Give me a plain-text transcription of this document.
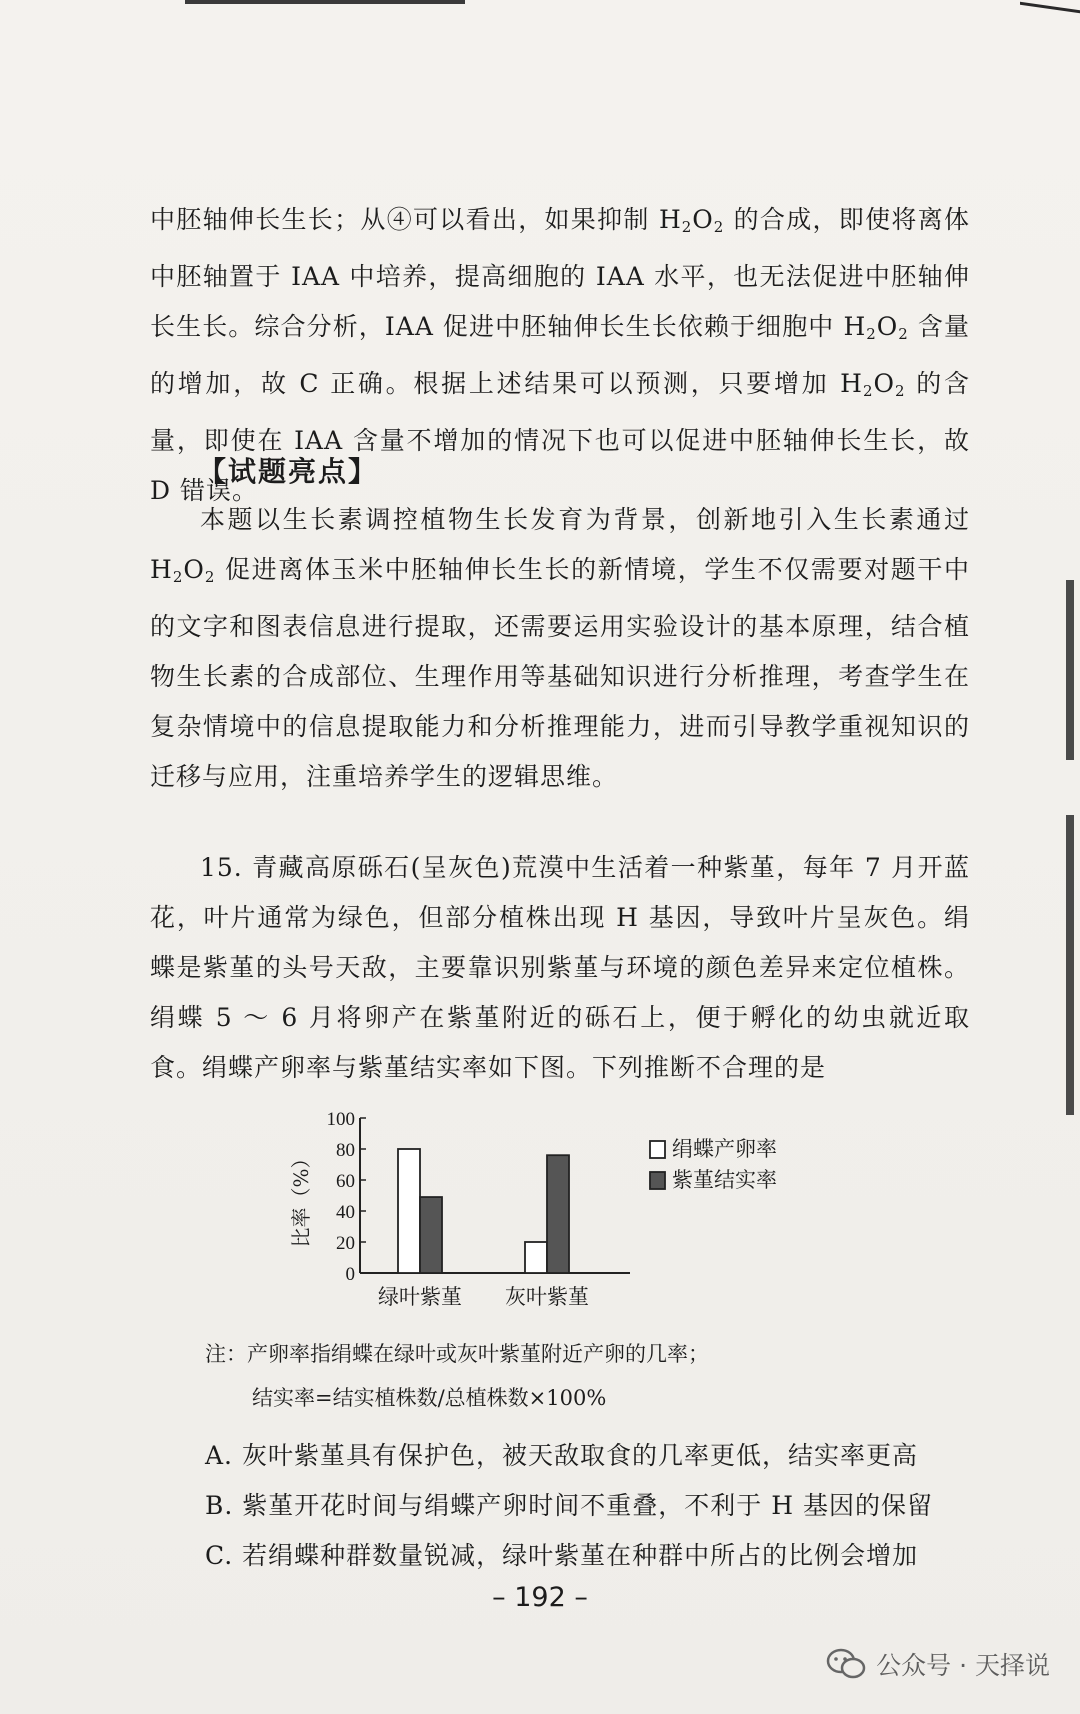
中胚轴伸长生长；从④可以看出，如果抑制 $H_2O_2$ 的合成，即使将离体中胚轴置于 IAA 中培养，提高细胞的 IAA 水平，也无法促进中胚轴伸长生长。综合分析，IAA 促进中胚轴伸长生长依赖于细胞中 $H_2O_2$ 含量的增加，故 C 正确。根据上述结果可以预测，只要增加 $H_2O_2$ 的含量，即使在 IAA 含量不增加的情况下也可以促进中胚轴伸长生长，故 D 错误。
【试题亮点】
本题以生长素调控植物生长发育为背景，创新地引入生长素通过 $H_2O_2$ 促进离体玉米中胚轴伸长生长的新情境，学生不仅需要对题干中的文字和图表信息进行提取，还需要运用实验设计的基本原理，结合植物生长素的合成部位、生理作用等基础知识进行分析推理，考查学生在复杂情境中的信息提取能力和分析推理能力，进而引导教学重视知识的迁移与应用，注重培养学生的逻辑思维。
15. 青藏高原砾石(呈灰色)荒漠中生活着一种紫堇，每年 7 月开蓝花，叶片通常为绿色，但部分植株出现 H 基因，导致叶片呈灰色。绢蝶是紫堇的头号天敌，主要靠识别紫堇与环境的颜色差异来定位植株。绢蝶 5 ～ 6 月将卵产在紫堇附近的砾石上，便于孵化的幼虫就近取食。绢蝶产卵率与紫堇结实率如下图。下列推断不合理的是
0
20
40
60
80
100
比率（%）
绿叶紫堇 灰叶紫堇
绢蝶产卵率
紫堇结实率
注：产卵率指绢蝶在绿叶或灰叶紫堇附近产卵的几率；
结实率=结实植株数/总植株数×100%
A. 灰叶紫堇具有保护色，被天敌取食的几率更低，结实率更高
B. 紫堇开花时间与绢蝶产卵时间不重叠，不利于 H 基因的保留
C. 若绢蝶种群数量锐减，绿叶紫堇在种群中所占的比例会增加
– 192 –
公众号 · 天择说
